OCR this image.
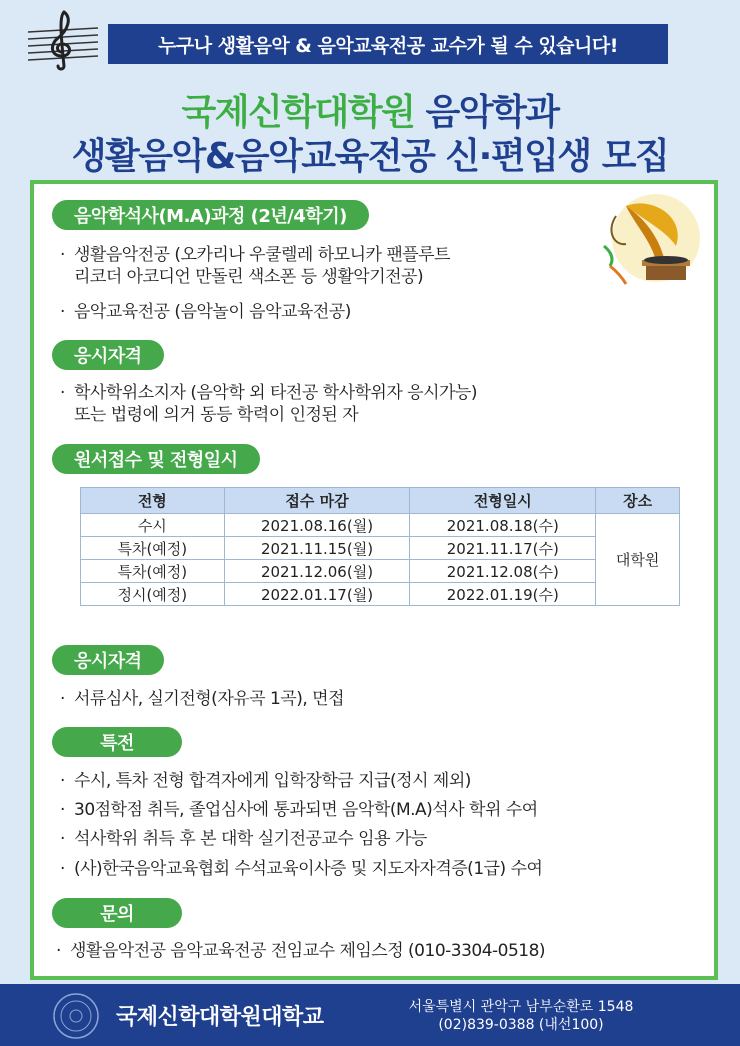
누구나 생활음악 & 음악교육전공 교수가 될 수 있습니다!
국제신학대학원 음악학과
생활음악&음악교육전공 신·편입생 모집
음악학석사(M.A)과정 (2년/4학기)
· 생활음악전공 (오카리나 우쿨렐레 하모니카 팬플루트
리코더 아코디언 만돌린 색소폰 등 생활악기전공)
· 음악교육전공 (음악놀이 음악교육전공)
응시자격
· 학사학위소지자 (음악학 외 타전공 학사학위자 응시가능)
또는 법령에 의거 동등 학력이 인정된 자
원서접수 및 전형일시
전형	접수 마감	전형일시	장소
수시	2021.08.16(월)	2021.08.18(수)	대학원
특차(예정)	2021.11.15(월)	2021.11.17(수)	
특차(예정)	2021.12.06(월)	2021.12.08(수)	
정시(예정)	2022.01.17(월)	2022.01.19(수)	
응시자격
· 서류심사, 실기전형(자유곡 1곡), 면접
특전
· 수시, 특차 전형 합격자에게 입학장학금 지급(정시 제외)
· 30점학점 취득, 졸업심사에 통과되면 음악학(M.A)석사 학위 수여
· 석사학위 취득 후 본 대학 실기전공교수 임용 가능
· (사)한국음악교육협회 수석교육이사증 및 지도자자격증(1급) 수여
문의
· 생활음악전공 음악교육전공 전임교수 제임스정 (010-3304-0518)
국제신학대학원대학교	서울특별시 관악구 남부순환로 1548
(02)839-0388 (내선100)
